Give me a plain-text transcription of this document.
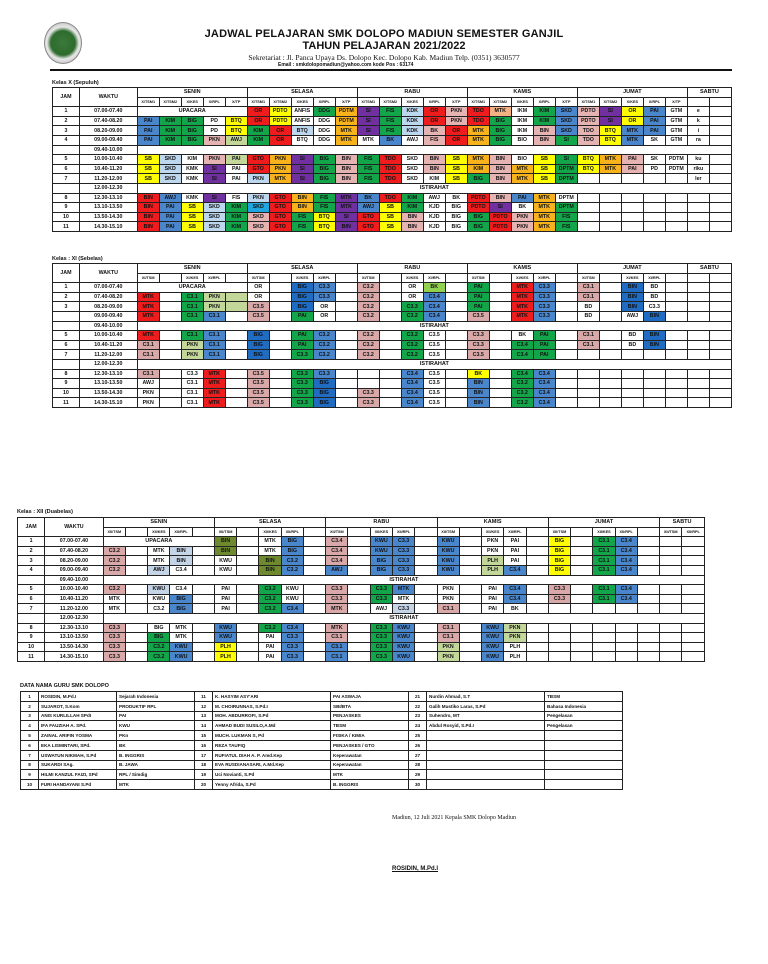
JADWAL PELAJARAN SMK DOLOPO MADIUN SEMESTER GANJIL
TAHUN PELAJARAN 2021/2022
Sekretariat : Jl. Panca Upaya Ds. Dolopo Kec. Dolopo Kab. Madiun Telp. (0351) 3630577
Email : smkdolopomadiun@yahoo.com kode Pos : 63174
Kelas X (Sepuluh)
JAM	WAKTU	SENIN					SELASA					RABU					KAMIS					JUMAT					SABTU	
		X/TSM1	X/TSM2	X/KES	X/RPL	X/TP	X/TSM1	X/TSM2	X/KES	X/RPL	X/TP	X/TSM1	X/TSM2	X/KES	X/RPL	X/TP	X/TSM1	X/TSM2	X/KES	X/RPL	X/TP	X/TSM1	X/TSM2	X/KES	X/RPL	X/TP		
1	07.00-07.40	UPACARA					OR	PDTO	ANFIS	DDG	PDTM	SI	FIS	KDK	OR	PKN	TDO	MTK	IKM	KIM	SKD	PDTO	SI	OR	PAI	GTM	e	
2	07.40-08.20	PAI	KIM	BIG	PD	BTQ	OR	PDTO	ANFIS	DDG	PDTM	SI	FIS	KDK	OR	PKN	TDO	BIG	IKM	KIM	SKD	PDTO	SI	OR	PAI	GTM	k	
3	08.20-09.00	PAI	KIM	BIG	PD	BTQ	KIM	OR	BTQ	DDG	MTK	SI	FIS	KDK	BK	OR	MTK	BIG	IKM	BIN	SKD	TDO	BTQ	MTK	PAI	GTM	i	
4	09.00-09.40	PAI	KIM	BIG	PKN	AWJ	KIM	OR	BTQ	DDG	MTK	MTK	BK	AWJ	FIS	OR	MTK	BIG	BIO	BIN	SI	TDO	BTQ	MTK	SK	GTM	ra	
	09.40-10.00																											
5	10.00-10.40	SB	SKD	KIM	PKN	PAI	GTO	PKN	SI	BIG	BIN	FIS	TDO	SKD	BIN	SB	MTK	BIN	BIO	SB	SI	BTQ	MTK	PAI	SK	PDTM	ku	
6	10.40-11.20	SB	SKD	KMK	SI	PAI	GTO	PKN	SI	BIG	BIN	FIS	TDO	SKD	BIN	SB	KIM	BIN	MTK	SB	DPTM	BTQ	MTK	PAI	PD	PDTM	riku	
7	11.20-12.00	SB	SKD	KMK	SI	PAI	PKN	MTK	SI	BIG	BIN	FIS	TDO	SKD	KIM	SB	BIG	BIN	MTK	SB	DPTM						ler	
	12.00-12.30	ISTIRAHAT																										
8	12.30-13.10	BIN	AWJ	KMK	SI	FIS	PKN	GTO	BIN	FIS	MTK	BK	TDO	KIM	AWJ	BK	PDTO	BIN	PAI	MTK	DPTM							
9	13.10-13.50	BIN	PAI	SB	SKD	KIM	SKD	GTO	BIN	FIS	MTK	AWJ	SB	KIM	KJD	BIG	PDTO	SI	BK	MTK	DPTM							
10	13.50-14.30	BIN	PAI	SB	SKD	KIM	SKD	GTO	FIS	BTQ	SI	GTO	SB	BIN	KJD	BIG	BIG	PDTO	PKN	MTK	FIS							
11	14.30-15.10	BIN	PAI	SB	SKD	KIM	SKD	GTO	FIS	BTQ	BIN	GTO	SB	BIN	KJD	BIG	BIG	PDTO	PKN	MTK	FIS							
Kelas : XI (Sebelas)
JAM	WAKTU	SENIN					SELASA					RABU					KAMIS					JUMAT					SABTU	
		XI/TSM		XI/KES	XI/RPL		XI/TSM		XI/KES	XI/RPL		XI/TSM		XI/KES	XI/RPL		XI/TSM		XI/KES	XI/RPL		XI/TSM		XI/KES	XI/RPL			
1	07.00-07.40	UPACARA					OR		BIG	C3.3		C3.2		OR	BK		PAI		MTK	C3.3		C3.1		BIN	BD			
2	07.40-08.20	MTK		C3.1	PKN		OR		BIG	C3.3		C3.2		OR	C3.4		PAI		MTK	C3.3		C3.1		BIN	BD			
3	08.20-09.00	MTK		C3.1	PKN		C3.5		BIG	OR		C3.2		C3.3	C3.4		PAI		MTK	C3.3		BD		BIN	C3.3			
	09.00-09.40	MTK		C3.1	C3.1		C3.5		PAI	OR		C3.2		C3.2	C3.4		C3.5		MTK	C3.3		BD		AWJ	BIN			
	09.40-10.00	ISTIRAHAT																										
5	10.00-10.40	MTK		C3.1	C3.1		BIG		PAI	C3.2		C3.2		C3.2	C3.5		C3.3		BK	PAI		C3.1		BD	BIN			
6	10.40-11.20	C3.1		PKN	C3.1		BIG		PAI	C3.2		C3.2		C3.2	C3.5		C3.3		C3.4	PAI		C3.1		BD	BIN			
7	11.20-12.00	C3.1		PKN	C3.1		BIG		C3.3	C3.2		C3.2		C3.2	C3.5		C3.5		C3.4	PAI								
	12.00-12.30	ISTIRAHAT																										
8	12.30-13.10	C3.1		C3.3	MTK		C3.5		C3.3	C3.3				C3.4	C3.5		BK		C3.4	C3.4								
9	13.10-13.50	AWJ		C3.1	MTK		C3.5		C3.3	BIG				C3.4	C3.5		BIN		C3.2	C3.4								
10	13.50-14.30	PKN		C3.1	MTK		C3.5		C3.3	BIG		C3.3		C3.4	C3.5		BIN		C3.2	C3.4								
11	14.30-15.10	PKN		C3.1	MTK		C3.5		C3.3	BIG		C3.3		C3.4	C3.5		BIN		C3.2	C3.4								
Kelas : XII (Duabelas)
JAM	WAKTU	SENIN					SELASA					RABU					KAMIS					JUMAT					SABTU	
		XII/TSM		XII/KES	XII/RPL		XII/TSM		XII/KES	XII/RPL		XII/TSM		XII/KES	XII/RPL		XII/TSM		XII/KES	XII/RPL		XII/TSM		XII/KES	XII/RPL		XII/TSM	XII/RPL
1	07.00-07.40	UPACARA					BIN		MTK	BIG		C3.4		KWU	C3.3		KWU		PKN	PAI		BIG		C3.1	C3.4			
2	07.40-08.20	C3.2		MTK	BIN		BIN		MTK	BIG		C3.4		KWU	C3.3		KWU		PKN	PAI		BIG		C3.1	C3.4			
3	08.20-09.00	C3.2		MTK	BIN		KWU		BIN	C3.2		C3.4		BIG	C3.3		KWU		PLH	PAI		BIG		C3.1	C3.4			
4	09.00-09.40	C3.2		AWJ	C3.4		KWU		BIN	C3.2		AWJ		BIG	C3.3		KWU		PLH	C3.4		BIG		C3.1	C3.4			
	09.40-10.00	ISTIRAHAT																										
5	10.00-10.40	C3.2		KWU	C3.4		PAI		C3.2	KWU		C3.3		C3.3	MTK		PKN		PAI	C3.4		C3.3		C3.1	C3.4			
6	10.40-11.20	MTK		KWU	BIG		PAI		C3.2	KWU		C3.3		C3.3	MTK		PKN		PAI	C3.4		C3.3		C3.1	C3.4			
7	11.20-12.00	MTK		C3.2	BIG		PAI		C3.2	C3.4		MTK		AWJ	C3.3		C3.1		PAI	BK								
	12.00-12.30	ISTIRAHAT																										
8	12.30-13.10	C3.3		BIG	MTK		KWU		C3.2	C3.4		MTK		C3.3	KWU		C3.1		KWU	PKN								
9	13.10-13.50	C3.3		BIG	MTK		KWU		PAI	C3.3		C3.1		C3.3	KWU		C3.1		KWU	PKN								
10	13.50-14.30	C3.3		C3.2	KWU		PLH		PAI	C3.3		C3.1		C3.3	KWU		PKN		KWU	PLH								
11	14.30-15.10	C3.3		C3.2	KWU		PLH		PAI	C3.3		C3.1		C3.3	KWU		PKN		KWU	PLH								
DATA NAMA GURU SMK DOLOPO
1	ROSIDIN, M.Pd.I	Sejarah Indonesia	11	K. HASYIM ASY'ARI	PAI ASWAJA	21	Nurdin Ahmad, S.T	TBSM
2	SUJAROT, S.Kom	PRODUKTIF RPL	12	M. CHOIRUNNAS, S.Pd.I	SBI/BTA	22	Galih Mustiko Laras, S.Pd	Bahasa Indonesia
3	ANIS KURLILLAH SPdI	PAI	13	MOH. ABDURROFI, S.Pd	PENJASKES	23	Suhendro, MT	Pengelasan
4	IFA FAUZIAH A. SPd.	KWU	14	AHMAD BUDI SUSILO,A.Md	TBSM	24	Abdul Rosyid, S.Pd.I	Pengelasan
5	ZAINAL ARIFIN YOSMA	PKn	15	MUCH. LUKMAN S, Pd	FISIKA / KIMIA	25		
6	EKA LISMINTARI, SPd.	BK	16	REZA TAUFIQ	PENJASKES / GTO	26		
7	USWATUN NIKMAH, S.Pd	B. INGGRIS	17	RUFIATUL DIAH A. P. Amd.Kep	Keperawatan	27		
8	SUKARDI SAg.	B. JAWA	18	EVA RUSDIANASARI, A.Md.Kep	Keperawatan	28		
9	HILMI KANZUL FAIZI, SPd	RPL / Simdig	19	Uci Novianti, S.Pd	MTK	29		
10	FURI HANDAYANI S.Pd	MTK	20	Yenny Afrida, S.Pd	B. INGGRIS	30		
Madiun, 12 Juli 2021 Kepala SMK Dolopo Madiun
ROSIDIN, M.Pd.I
